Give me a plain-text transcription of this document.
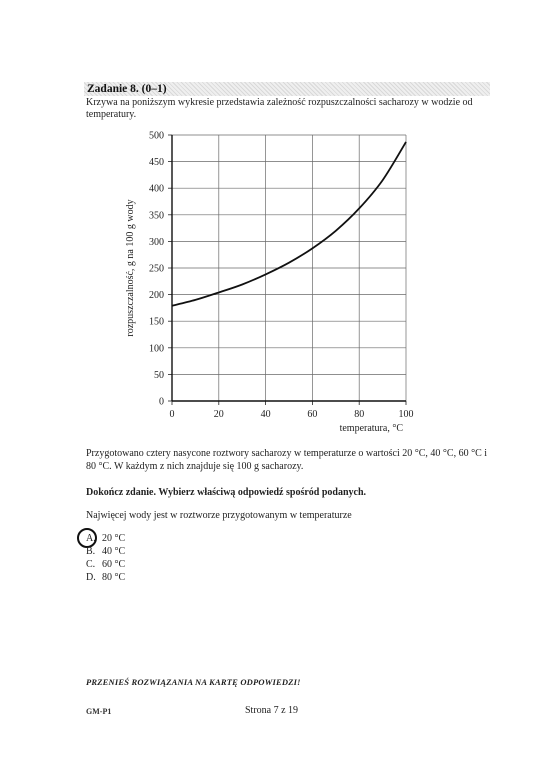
Zadanie 8. (0–1)
Krzywa na poniższym wykresie przedstawia zależność rozpuszczalności sacharozy w wodzie od temperatury.
0
50
100
150
200
250
300
350
400
450
500
0	20	40	60	80	100
temperatura, °C
rozpuszczalność, g na 100 g wody
Przygotowano cztery nasycone roztwory sacharozy w temperaturze o wartości 20 °C, 40 °C, 60 °C i 80 °C. W każdym z nich znajduje się 100 g sacharozy.
Dokończ zdanie. Wybierz właściwą odpowiedź spośród podanych.
Najwięcej wody jest w roztworze przygotowanym w temperaturze
A. 20 °C
B. 40 °C
C. 60 °C
D. 80 °C
PRZENIEŚ ROZWIĄZANIA NA KARTĘ ODPOWIEDZI!
GM-P1	Strona 7 z 19
